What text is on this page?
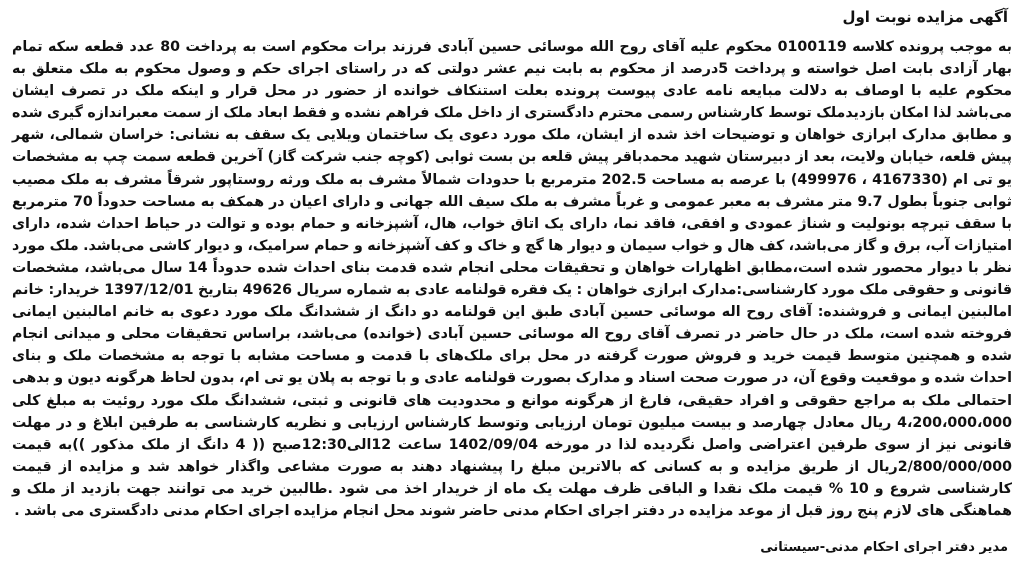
آگهی مزایده نوبت اول
به موجب پرونده کلاسه 0100119 محکوم علیه آقای روح الله موسائی حسین آبادی فرزند برات محکوم است به پرداخت 80 عدد قطعه سکه تمام بهار آزادی بابت اصل خواسته و پرداخت 5درصد از محکوم به بابت نیم عشر دولتی که در راستای اجرای حکم و وصول محکوم به ملک متعلق به محکوم علیه با اوصاف به دلالت مبایعه نامه عادی پیوست پرونده بعلت استنکاف خوانده از حضور در محل قرار و اینکه ملک در تصرف ایشان می‌باشد لذا امکان بازدیدملک توسط کارشناس رسمی محترم دادگستری از داخل ملک فراهم نشده و فقط ابعاد ملک از سمت معبراندازه گیری شده و مطابق مدارک ابرازی خواهان و توضیحات اخذ شده از ایشان، ملک مورد دعوی یک ساختمان ویلایی یک سقف به نشانی: خراسان شمالی، شهر پیش قلعه، خیابان ولایت، بعد از دبیرستان شهید محمدباقر پیش قلعه بن بست ثوابی (کوچه جنب شرکت گاز) آخرین قطعه سمت چپ به مشخصات یو تی ام (4167330 ، 499976) با عرصه به مساحت 202.5 مترمربع با حدودات شمالاً مشرف به ملک ورثه روستاپور شرقاً مشرف به ملک مصیب ثوابی جنوباً بطول 9.7 متر مشرف به معبر عمومی و غرباً مشرف به ملک سیف الله جهانی و دارای اعیان در همکف به مساحت حدوداً 70 مترمربع با سقف تیرچه بونولیت و شناژ عمودی و افقی، فاقد نما، دارای یک اتاق خواب، هال، آشپزخانه و حمام بوده و توالت در حیاط احداث شده، دارای امتیازات آب، برق و گاز می‌باشد، کف هال و خواب سیمان و دیوار ها گچ و خاک و کف آشپزخانه و حمام سرامیک، و دیوار کاشی می‌باشد. ملک مورد نظر با دیوار محصور شده است،مطابق اظهارات خواهان و تحقیقات محلی انجام شده قدمت بنای احداث شده حدوداً 14 سال می‌باشد، مشخصات قانونی و حقوقی ملک مورد کارشناسی:مدارک ابرازی خواهان : یک فقره قولنامه عادی به شماره سریال 49626 بتاریخ 1397/12/01 خریدار: خانم امالبنین ایمانی و فروشنده: آقای روح اله موسائی حسین آبادی طبق این قولنامه دو دانگ از ششدانگ ملک مورد دعوی به خانم امالبنین ایمانی فروخته شده است، ملک در حال حاضر در تصرف آقای روح اله موسائی حسین آبادی (خوانده) می‌باشد، براساس تحقیقات محلی و میدانی انجام شده و همچنین متوسط قیمت خرید و فروش صورت گرفته در محل برای ملک‌های با قدمت و مساحت مشابه با توجه به مشخصات ملک و بنای احداث شده و موقعیت وقوع آن، در صورت صحت اسناد و مدارک بصورت قولنامه عادی و با توجه به پلان یو تی ام، بدون لحاظ هرگونه دیون و بدهی احتمالی ملک به مراجع حقوقی و افراد حقیقی، فارغ از هرگونه موانع و محدودیت های قانونی و ثبتی، ششدانگ ملک مورد روئیت به مبلغ کلی 4،200،000،000 ریال معادل چهارصد و بیست میلیون تومان ارزیابی وتوسط کارشناس ارزیابی و نظریه کارشناسی به طرفین ابلاغ و در مهلت قانونی نیز از سوی طرفین اعتراضی واصل نگردیده لذا در مورخه 1402/09/04 ساعت 12الی12:30صبح (( 4 دانگ از ملک مذکور ))به قیمت 2/800/000/000ریال از طریق مزایده و به کسانی که بالاترین مبلغ را پیشنهاد دهند به صورت مشاعی واگذار خواهد شد و مزایده از قیمت کارشناسی شروع و 10 % قیمت ملک نقدا و الباقی ظرف مهلت یک ماه از خریدار اخذ می شود .طالبین خرید می توانند جهت بازدید از ملک و هماهنگی های لازم پنج روز قبل از موعد مزایده در دفتر اجرای احکام مدنی حاضر شوند محل انجام مزایده اجرای احکام مدنی دادگستری می باشد .
مدیر دفتر اجرای احکام مدنی-سیستانی
